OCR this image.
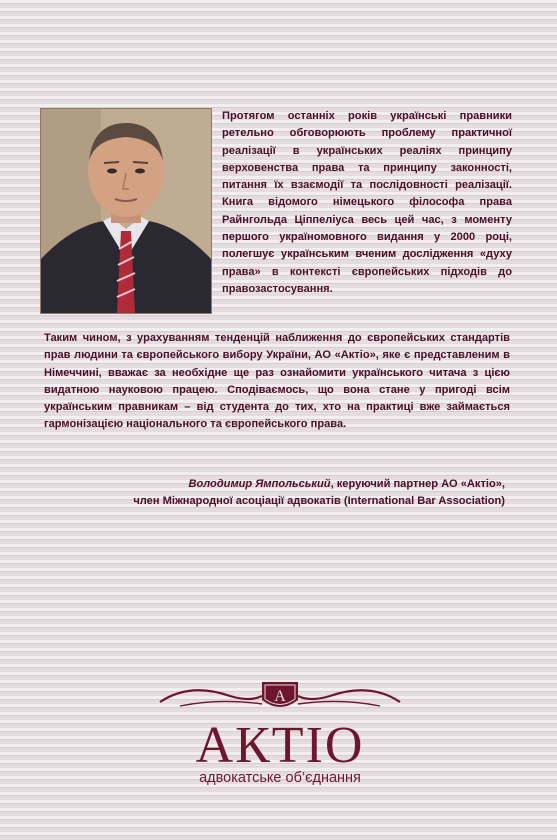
Протягом останніх років українські правники ретельно обговорюють проблему практичної реалізації в українських реаліях принципу верховенства права та принципу законності, питання їх взаємодії та послідовності реалізації. Книга відомого німецького філософа права Райнгольда Ціппеліуса весь цей час, з моменту першого україномовного видання у 2000 році, полегшує українським вченим дослідження «духу права» в контексті європейських підходів до правозастосування.
Таким чином, з урахуванням тенденцій наближення до європейських стандартів прав людини та європейського вибору України, АО «Актіо», яке є представленим в Німеччині, вважає за необхідне ще раз ознайомити українського читача з цією видатною науковою працею. Сподіваємось, що вона стане у пригоді всім українським правникам – від студента до тих, хто на практиці вже займається гармонізацією національного та європейського права.
Володимир Ямпольський, керуючий партнер АО «Актіо»,
член Міжнародної асоціації адвокатів (International Bar Association)
A
АКТІО
адвокатське об’єднання
